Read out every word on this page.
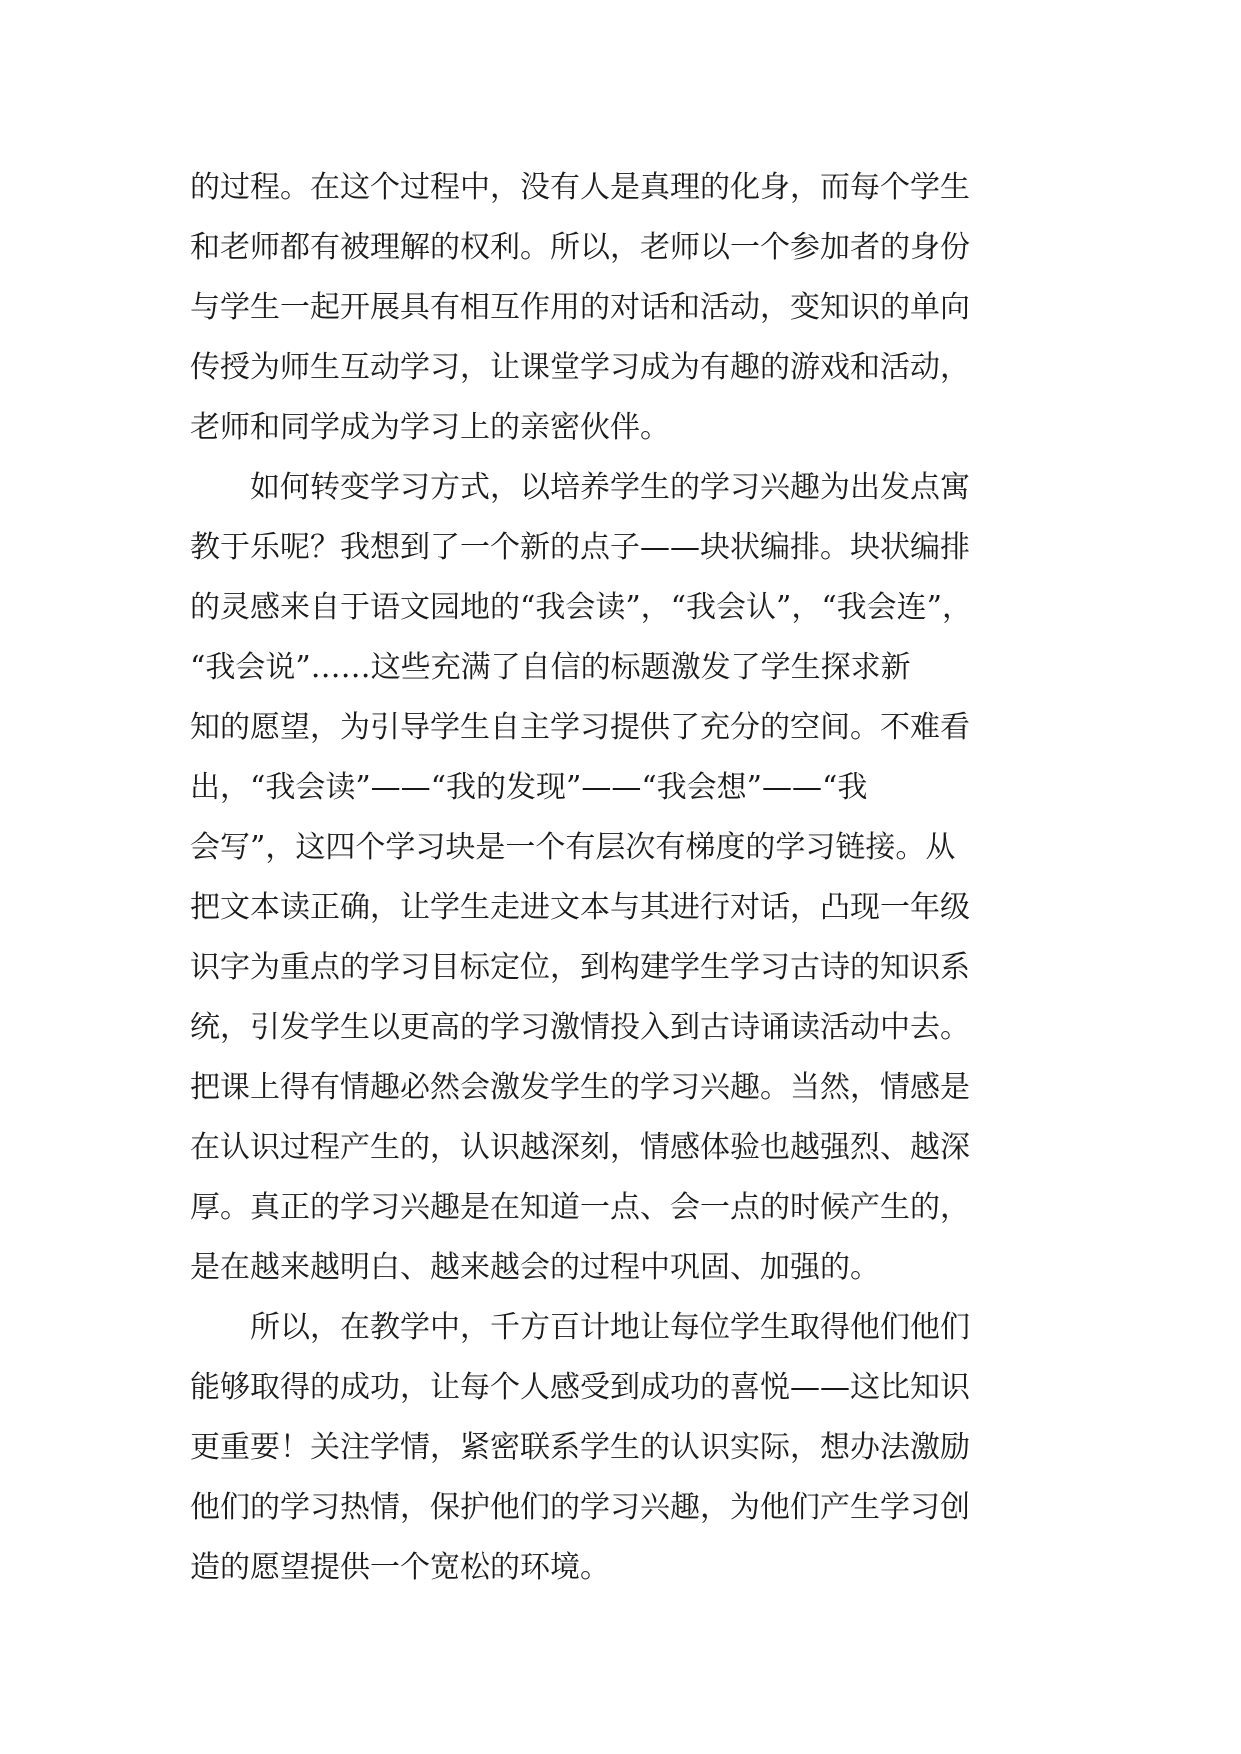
的过程。在这个过程中，没有人是真理的化身，而每个学生
和老师都有被理解的权利。所以，老师以一个参加者的身份
与学生一起开展具有相互作用的对话和活动，变知识的单向
传授为师生互动学习，让课堂学习成为有趣的游戏和活动，
老师和同学成为学习上的亲密伙伴。
　　如何转变学习方式，以培养学生的学习兴趣为出发点寓
教于乐呢？我想到了一个新的点子——块状编排。块状编排
的灵感来自于语文园地的“我会读”，“我会认”，“我会连”，
“我会说”……这些充满了自信的标题激发了学生探求新
知的愿望，为引导学生自主学习提供了充分的空间。不难看
出，“我会读”——“我的发现”——“我会想”——“我
会写”，这四个学习块是一个有层次有梯度的学习链接。从
把文本读正确，让学生走进文本与其进行对话，凸现一年级
识字为重点的学习目标定位，到构建学生学习古诗的知识系
统，引发学生以更高的学习激情投入到古诗诵读活动中去。
把课上得有情趣必然会激发学生的学习兴趣。当然，情感是
在认识过程产生的，认识越深刻，情感体验也越强烈、越深
厚。真正的学习兴趣是在知道一点、会一点的时候产生的，
是在越来越明白、越来越会的过程中巩固、加强的。
　　所以，在教学中，千方百计地让每位学生取得他们他们
能够取得的成功，让每个人感受到成功的喜悦——这比知识
更重要！关注学情，紧密联系学生的认识实际，想办法激励
他们的学习热情，保护他们的学习兴趣，为他们产生学习创
造的愿望提供一个宽松的环境。
